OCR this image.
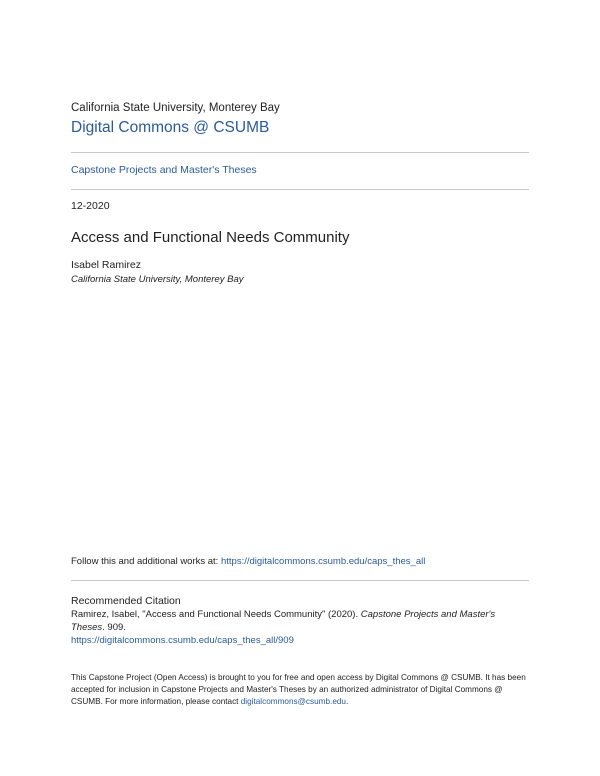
California State University, Monterey Bay
Digital Commons @ CSUMB
Capstone Projects and Master's Theses
12-2020
Access and Functional Needs Community
Isabel Ramirez
California State University, Monterey Bay
Follow this and additional works at: https://digitalcommons.csumb.edu/caps_thes_all
Recommended Citation
Ramirez, Isabel, "Access and Functional Needs Community" (2020). Capstone Projects and Master's Theses. 909.
https://digitalcommons.csumb.edu/caps_thes_all/909
This Capstone Project (Open Access) is brought to you for free and open access by Digital Commons @ CSUMB. It has been accepted for inclusion in Capstone Projects and Master's Theses by an authorized administrator of Digital Commons @ CSUMB. For more information, please contact digitalcommons@csumb.edu.
